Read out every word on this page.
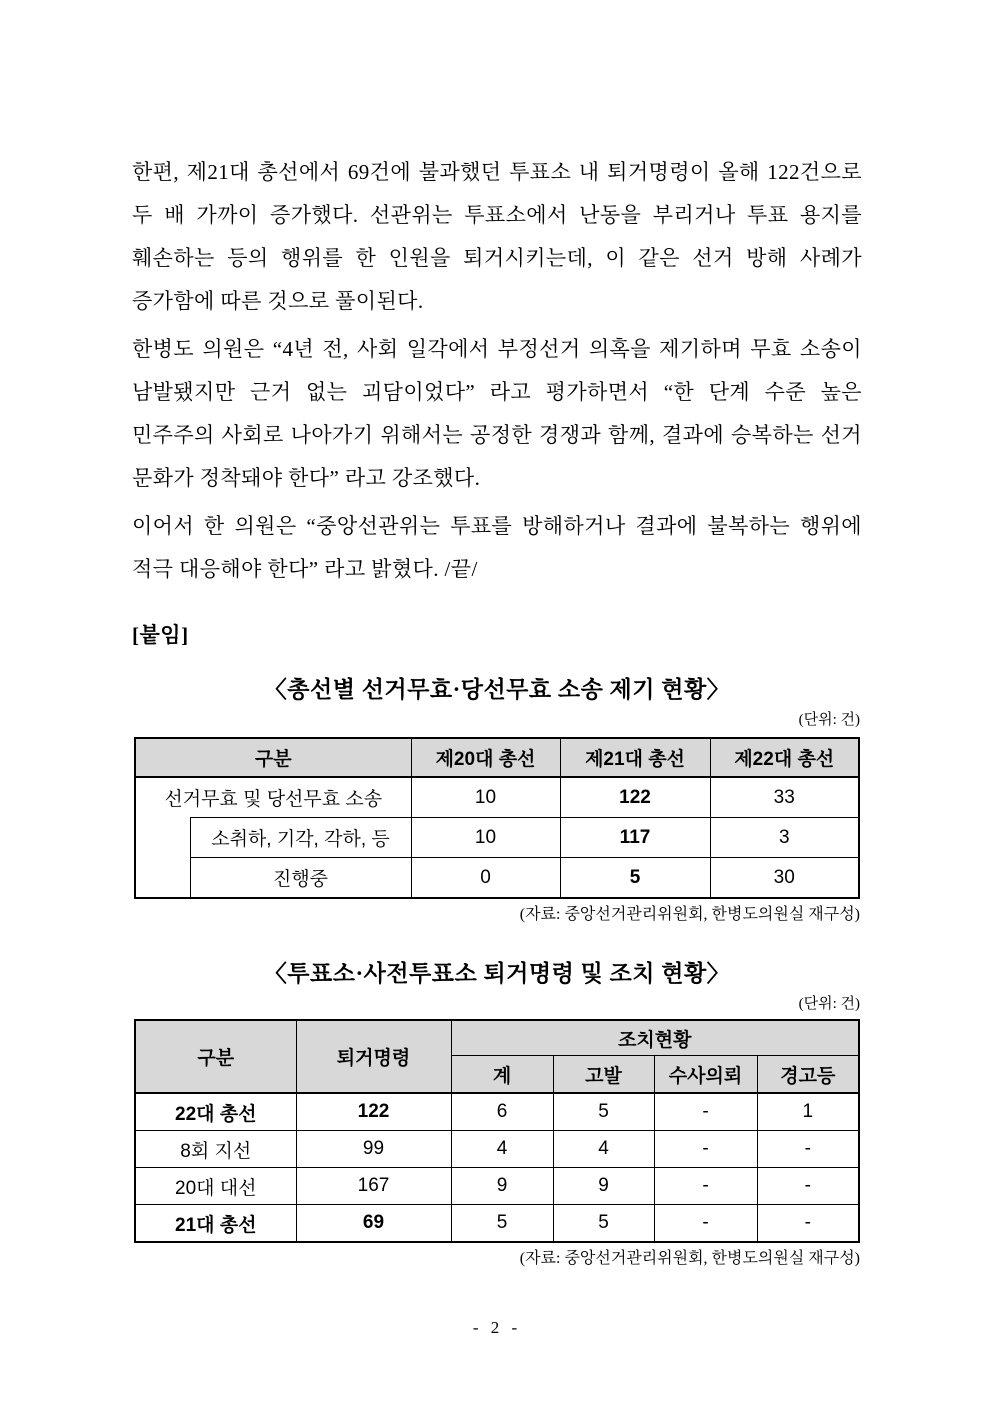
한편, 제21대 총선에서 69건에 불과했던 투표소 내 퇴거명령이 올해 122건으로 두 배 가까이 증가했다. 선관위는 투표소에서 난동을 부리거나 투표 용지를 훼손하는 등의 행위를 한 인원을 퇴거시키는데, 이 같은 선거 방해 사례가 증가함에 따른 것으로 풀이된다.

한병도 의원은 “4년 전, 사회 일각에서 부정선거 의혹을 제기하며 무효 소송이 남발됐지만 근거 없는 괴담이었다” 라고 평가하면서 “한 단계 수준 높은 민주주의 사회로 나아가기 위해서는 공정한 경쟁과 함께, 결과에 승복하는 선거 문화가 정착돼야 한다” 라고 강조했다.

이어서 한 의원은 “중앙선관위는 투표를 방해하거나 결과에 불복하는 행위에 적극 대응해야 한다” 라고 밝혔다. /끝/

[붙임]
〈총선별 선거무효·당선무효 소송 제기 현황〉
(단위: 건)
구분		제20대 총선	제21대 총선	제22대 총선
선거무효 및 당선무효 소송		10	122	33
	소취하, 기각, 각하, 등	10	117	3
	진행중	0	5	30
(자료: 중앙선거관리위원회, 한병도의원실 재구성)
〈투표소·사전투표소 퇴거명령 및 조치 현황〉
(단위: 건)
구분	퇴거명령	조치현황			
		계	고발	수사의뢰	경고등
22대 총선	122	6	5	-	1
8회 지선	99	4	4	-	-
20대 대선	167	9	9	-	-
21대 총선	69	5	5	-	-
(자료: 중앙선거관리위원회, 한병도의원실 재구성)
- 2 -
